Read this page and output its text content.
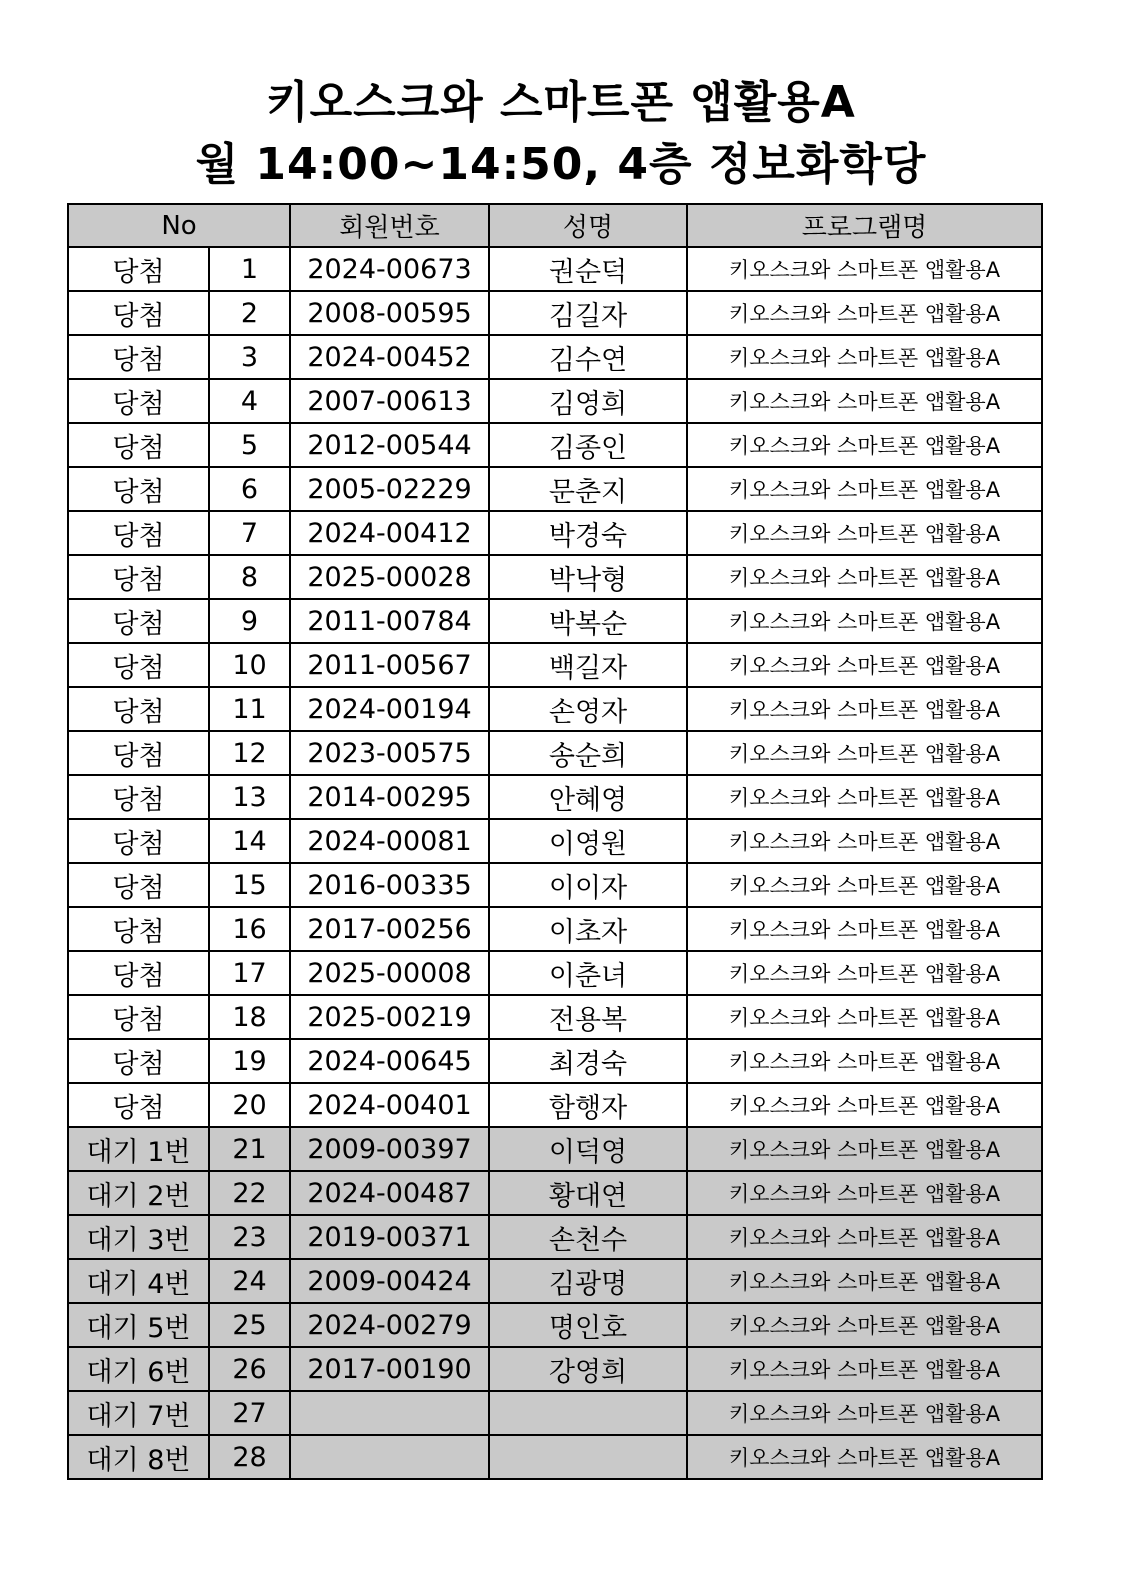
키오스크와 스마트폰 앱활용A
월 14:00~14:50, 4층 정보화학당
No		회원번호	성명	프로그램명
당첨	1	2024-00673	권순덕	키오스크와 스마트폰 앱활용A
당첨	2	2008-00595	김길자	키오스크와 스마트폰 앱활용A
당첨	3	2024-00452	김수연	키오스크와 스마트폰 앱활용A
당첨	4	2007-00613	김영희	키오스크와 스마트폰 앱활용A
당첨	5	2012-00544	김종인	키오스크와 스마트폰 앱활용A
당첨	6	2005-02229	문춘지	키오스크와 스마트폰 앱활용A
당첨	7	2024-00412	박경숙	키오스크와 스마트폰 앱활용A
당첨	8	2025-00028	박낙형	키오스크와 스마트폰 앱활용A
당첨	9	2011-00784	박복순	키오스크와 스마트폰 앱활용A
당첨	10	2011-00567	백길자	키오스크와 스마트폰 앱활용A
당첨	11	2024-00194	손영자	키오스크와 스마트폰 앱활용A
당첨	12	2023-00575	송순희	키오스크와 스마트폰 앱활용A
당첨	13	2014-00295	안혜영	키오스크와 스마트폰 앱활용A
당첨	14	2024-00081	이영원	키오스크와 스마트폰 앱활용A
당첨	15	2016-00335	이이자	키오스크와 스마트폰 앱활용A
당첨	16	2017-00256	이초자	키오스크와 스마트폰 앱활용A
당첨	17	2025-00008	이춘녀	키오스크와 스마트폰 앱활용A
당첨	18	2025-00219	전용복	키오스크와 스마트폰 앱활용A
당첨	19	2024-00645	최경숙	키오스크와 스마트폰 앱활용A
당첨	20	2024-00401	함행자	키오스크와 스마트폰 앱활용A
대기 1번	21	2009-00397	이덕영	키오스크와 스마트폰 앱활용A
대기 2번	22	2024-00487	황대연	키오스크와 스마트폰 앱활용A
대기 3번	23	2019-00371	손천수	키오스크와 스마트폰 앱활용A
대기 4번	24	2009-00424	김광명	키오스크와 스마트폰 앱활용A
대기 5번	25	2024-00279	명인호	키오스크와 스마트폰 앱활용A
대기 6번	26	2017-00190	강영희	키오스크와 스마트폰 앱활용A
대기 7번	27			키오스크와 스마트폰 앱활용A
대기 8번	28			키오스크와 스마트폰 앱활용A
